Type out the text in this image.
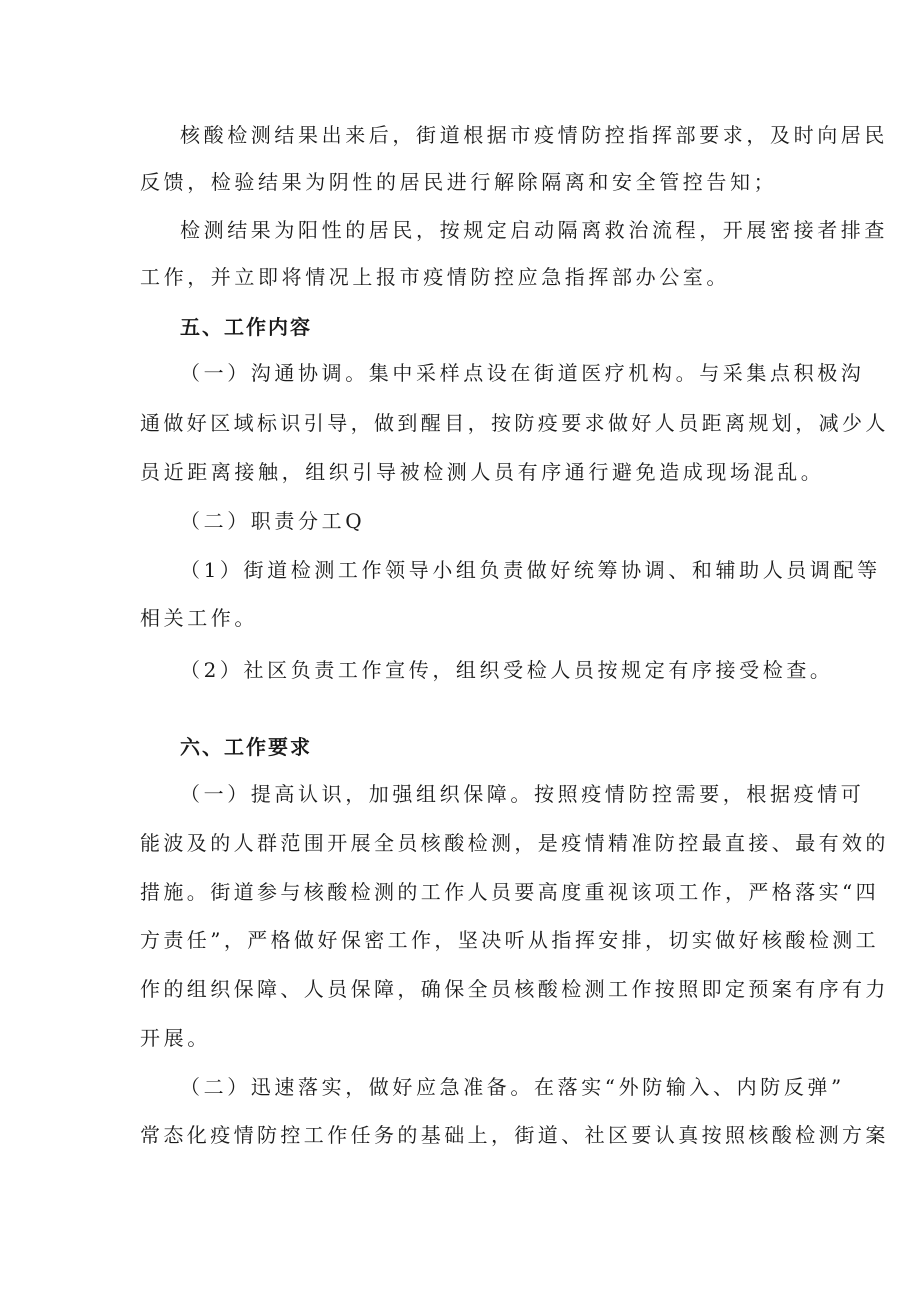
核酸检测结果出来后，街道根据市疫情防控指挥部要求，及时向居民
反馈，检验结果为阴性的居民进行解除隔离和安全管控告知；
检测结果为阳性的居民，按规定启动隔离救治流程，开展密接者排查
工作，并立即将情况上报市疫情防控应急指挥部办公室。
五、工作内容
（一）沟通协调。集中采样点设在街道医疗机构。与采集点积极沟
通做好区域标识引导，做到醒目，按防疫要求做好人员距离规划，减少人
员近距离接触，组织引导被检测人员有序通行避免造成现场混乱。
（二）职责分工Q
（1）街道检测工作领导小组负责做好统筹协调、和辅助人员调配等
相关工作。
（2）社区负责工作宣传，组织受检人员按规定有序接受检查。
六、工作要求
（一）提高认识，加强组织保障。按照疫情防控需要，根据疫情可
能波及的人群范围开展全员核酸检测，是疫情精准防控最直接、最有效的
措施。街道参与核酸检测的工作人员要高度重视该项工作，严格落实“四
方责任”，严格做好保密工作，坚决听从指挥安排，切实做好核酸检测工
作的组织保障、人员保障，确保全员核酸检测工作按照即定预案有序有力
开展。
（二）迅速落实，做好应急准备。在落实“外防输入、内防反弹”
常态化疫情防控工作任务的基础上，街道、社区要认真按照核酸检测方案
